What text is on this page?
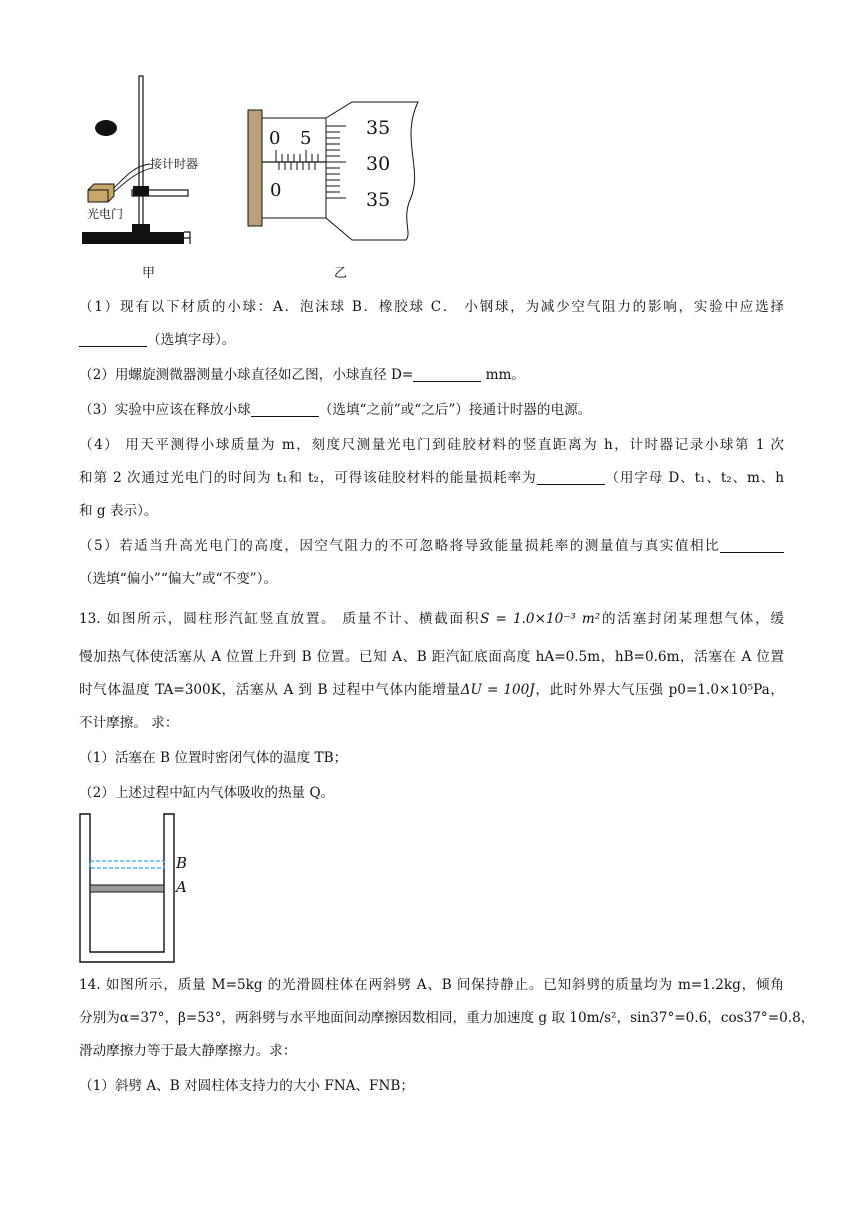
接计时器
光电门
甲
0 5
0
35
30
35
乙
（1）现有以下材质的小球：A．泡沫球 B．橡胶球 C． 小钢球，为减少空气阻力的影响，实验中应选择
（选填字母）。
（2）用螺旋测微器测量小球直径如乙图，小球直径 D=	mm。
（3）实验中应该在释放小球	（选填“之前”或“之后”）接通计时器的电源。
（4） 用天平测得小球质量为 m，刻度尺测量光电门到硅胶材料的竖直距离为 h，计时器记录小球第 1 次
和第 2 次通过光电门的时间为 t₁和 t₂，可得该硅胶材料的能量损耗率为	（用字母 D、t₁、t₂、m、h
和 g 表示）。
（5）若适当升高光电门的高度，因空气阻力的不可忽略将导致能量损耗率的测量值与真实值相比
（选填“偏小”“偏大”或“不变”）。
13. 如图所示，圆柱形汽缸竖直放置。 质量不计、横截面积S = 1.0×10⁻³ m²的活塞封闭某理想气体，缓
慢加热气体使活塞从 A 位置上升到 B 位置。已知 A、B 距汽缸底面高度 hA=0.5m，hB=0.6m，活塞在 A 位置
时气体温度 TA=300K，活塞从 A 到 B 过程中气体内能增量ΔU = 100J，此时外界大气压强 p0=1.0×10⁵Pa，
不计摩擦。 求：
（1）活塞在 B 位置时密闭气体的温度 TB；
（2）上述过程中缸内气体吸收的热量 Q。
B
A
14. 如图所示，质量 M=5kg 的光滑圆柱体在两斜劈 A、B 间保持静止。已知斜劈的质量均为 m=1.2kg，倾角
分别为α=37°，β=53°，两斜劈与水平地面间动摩擦因数相同，重力加速度 g 取 10m/s²，sin37°=0.6，cos37°=0.8，
滑动摩擦力等于最大静摩擦力。求：
（1）斜劈 A、B 对圆柱体支持力的大小 FNA、FNB；
